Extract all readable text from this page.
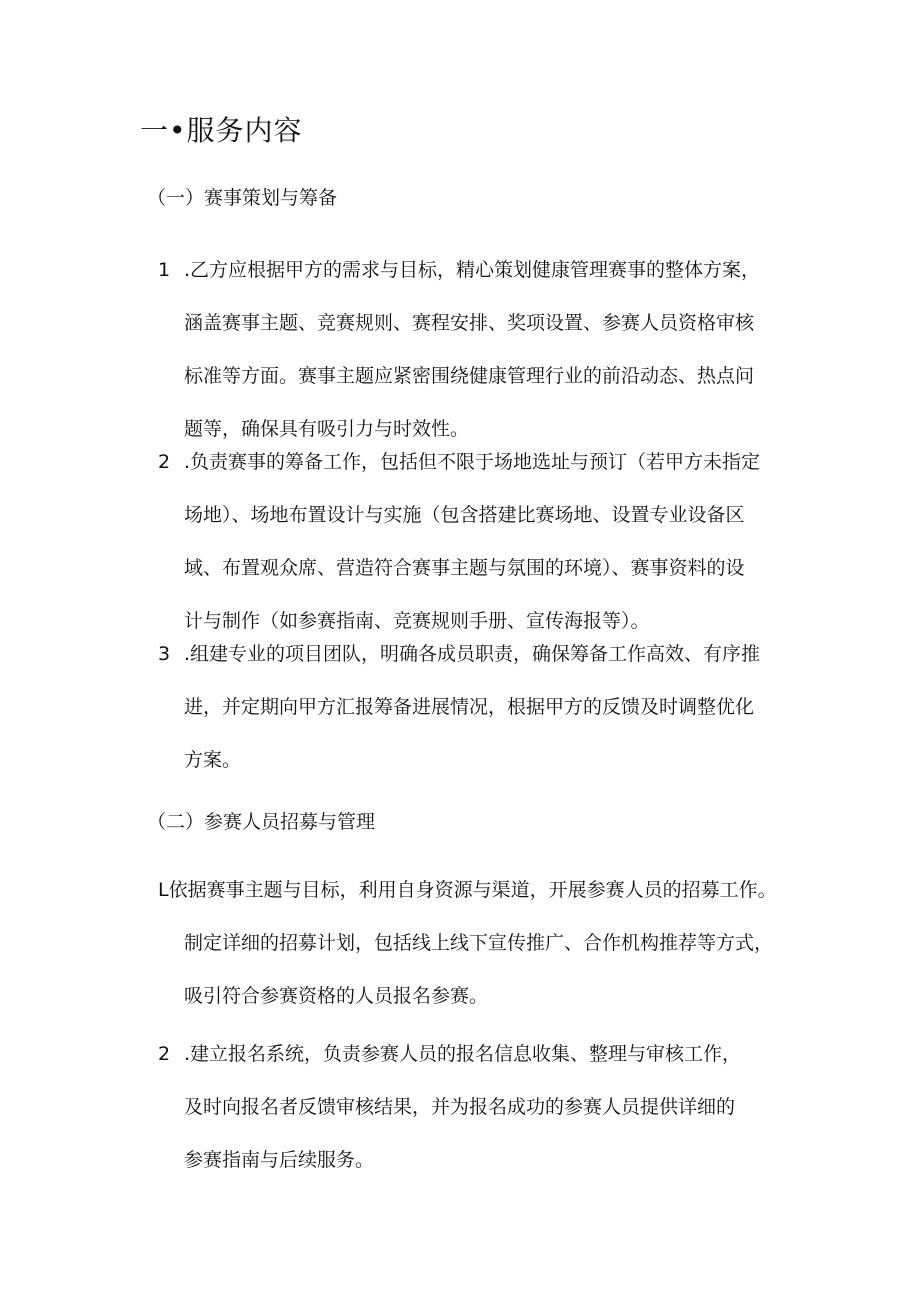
一•服务内容
（一）赛事策划与筹备
1 .乙方应根据甲方的需求与目标，精心策划健康管理赛事的整体方案，
涵盖赛事主题、竞赛规则、赛程安排、奖项设置、参赛人员资格审核
标准等方面。赛事主题应紧密围绕健康管理行业的前沿动态、热点问
题等，确保具有吸引力与时效性。
2 .负责赛事的筹备工作，包括但不限于场地选址与预订（若甲方未指定
场地）、场地布置设计与实施（包含搭建比赛场地、设置专业设备区
域、布置观众席、营造符合赛事主题与氛围的环境）、赛事资料的设
计与制作（如参赛指南、竞赛规则手册、宣传海报等）。
3 .组建专业的项目团队，明确各成员职责，确保筹备工作高效、有序推
进，并定期向甲方汇报筹备进展情况，根据甲方的反馈及时调整优化
方案。
（二）参赛人员招募与管理
L依据赛事主题与目标，利用自身资源与渠道，开展参赛人员的招募工作。
制定详细的招募计划，包括线上线下宣传推广、合作机构推荐等方式，
吸引符合参赛资格的人员报名参赛。
2 .建立报名系统，负责参赛人员的报名信息收集、整理与审核工作，
及时向报名者反馈审核结果，并为报名成功的参赛人员提供详细的
参赛指南与后续服务。
